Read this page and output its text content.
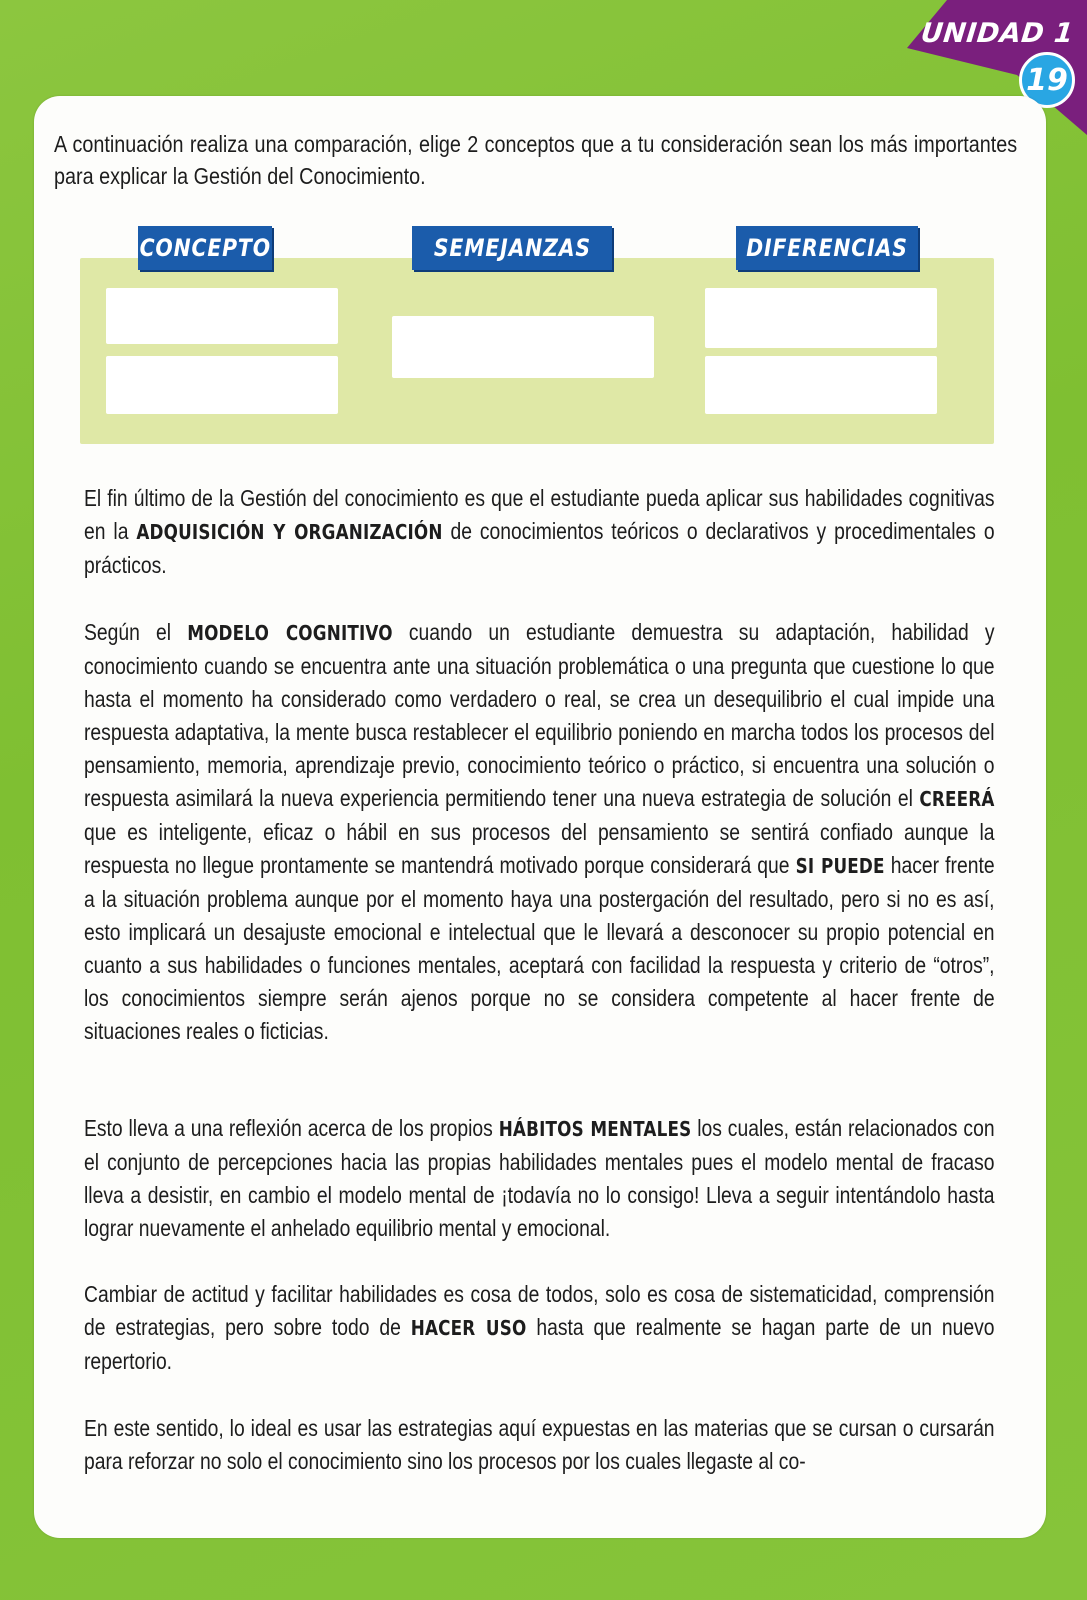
UNIDAD 1
19
A continuación realiza una comparación, elige 2 conceptos que a tu consideración sean los más importantes para explicar la Gestión del Conocimiento.
CONCEPTO	SEMEJANZAS	DIFERENCIAS

El fin último de la Gestión del conocimiento es que el estudiante pueda aplicar sus habilidades cognitivas en la ADQUISICIÓN Y ORGANIZACIÓN de conocimientos teóricos o declarativos y procedimentales o prácticos.

Según el MODELO COGNITIVO cuando un estudiante demuestra su adaptación, habilidad y conocimiento cuando se encuentra ante una situación problemática o una pregunta que cuestione lo que hasta el momento ha considerado como verdadero o real, se crea un desequilibrio el cual impide una respuesta adaptativa, la mente busca restablecer el equilibrio poniendo en marcha todos los procesos del pensamiento, memoria, aprendizaje previo, conocimiento teórico o práctico, si encuentra una solución o respuesta asimilará la nueva experiencia permitiendo tener una nueva estrategia de solución el CREERÁ que es inteligente, eficaz o hábil en sus procesos del pensamiento se sentirá confiado aunque la respuesta no llegue prontamente se mantendrá motivado porque considerará que SI PUEDE hacer frente a la situación problema aunque por el momento haya una postergación del resultado, pero si no es así, esto implicará un desajuste emocional e intelectual que le llevará a desconocer su propio potencial en cuanto a sus habilidades o funciones mentales, aceptará con facilidad la respuesta y criterio de “otros”, los conocimientos siempre serán ajenos porque no se considera competente al hacer frente de situaciones reales o ficticias.

Esto lleva a una reflexión acerca de los propios HÁBITOS MENTALES los cuales, están relacionados con el conjunto de percepciones hacia las propias habilidades mentales pues el modelo mental de fracaso lleva a desistir, en cambio el modelo mental de ¡todavía no lo consigo! Lleva a seguir intentándolo hasta lograr nuevamente el anhelado equilibrio mental y emocional.

Cambiar de actitud y facilitar habilidades es cosa de todos, solo es cosa de sistematicidad, comprensión de estrategias, pero sobre todo de HACER USO hasta que realmente se hagan parte de un nuevo repertorio.

En este sentido, lo ideal es usar las estrategias aquí expuestas en las materias que se cursan o cursarán para reforzar no solo el conocimiento sino los procesos por los cuales llegaste al co-
